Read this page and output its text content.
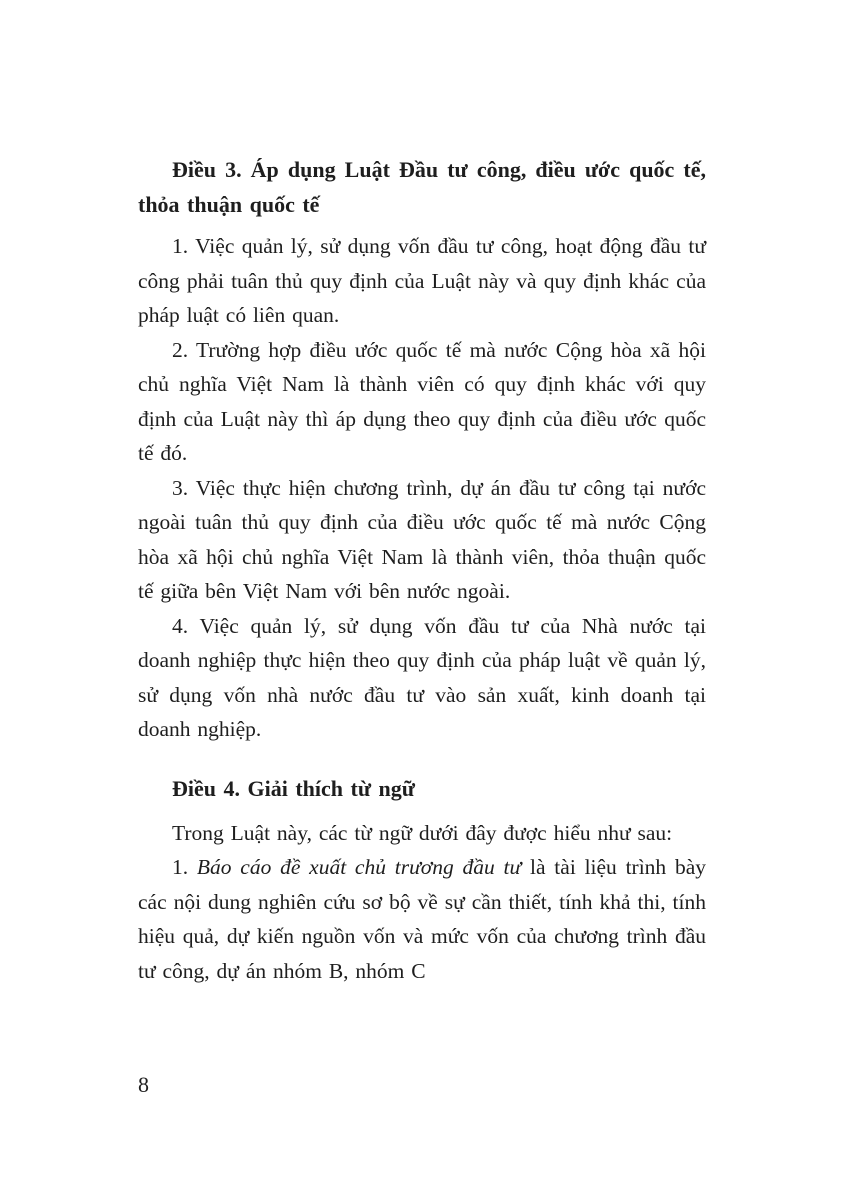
Điều 3. Áp dụng Luật Đầu tư công, điều ước quốc tế, thỏa thuận quốc tế

1. Việc quản lý, sử dụng vốn đầu tư công, hoạt động đầu tư công phải tuân thủ quy định của Luật này và quy định khác của pháp luật có liên quan.

2. Trường hợp điều ước quốc tế mà nước Cộng hòa xã hội chủ nghĩa Việt Nam là thành viên có quy định khác với quy định của Luật này thì áp dụng theo quy định của điều ước quốc tế đó.

3. Việc thực hiện chương trình, dự án đầu tư công tại nước ngoài tuân thủ quy định của điều ước quốc tế mà nước Cộng hòa xã hội chủ nghĩa Việt Nam là thành viên, thỏa thuận quốc tế giữa bên Việt Nam với bên nước ngoài.

4. Việc quản lý, sử dụng vốn đầu tư của Nhà nước tại doanh nghiệp thực hiện theo quy định của pháp luật về quản lý, sử dụng vốn nhà nước đầu tư vào sản xuất, kinh doanh tại doanh nghiệp.

Điều 4. Giải thích từ ngữ

Trong Luật này, các từ ngữ dưới đây được hiểu như sau:

1. Báo cáo đề xuất chủ trương đầu tư là tài liệu trình bày các nội dung nghiên cứu sơ bộ về sự cần thiết, tính khả thi, tính hiệu quả, dự kiến nguồn vốn và mức vốn của chương trình đầu tư công, dự án nhóm B, nhóm C

8
